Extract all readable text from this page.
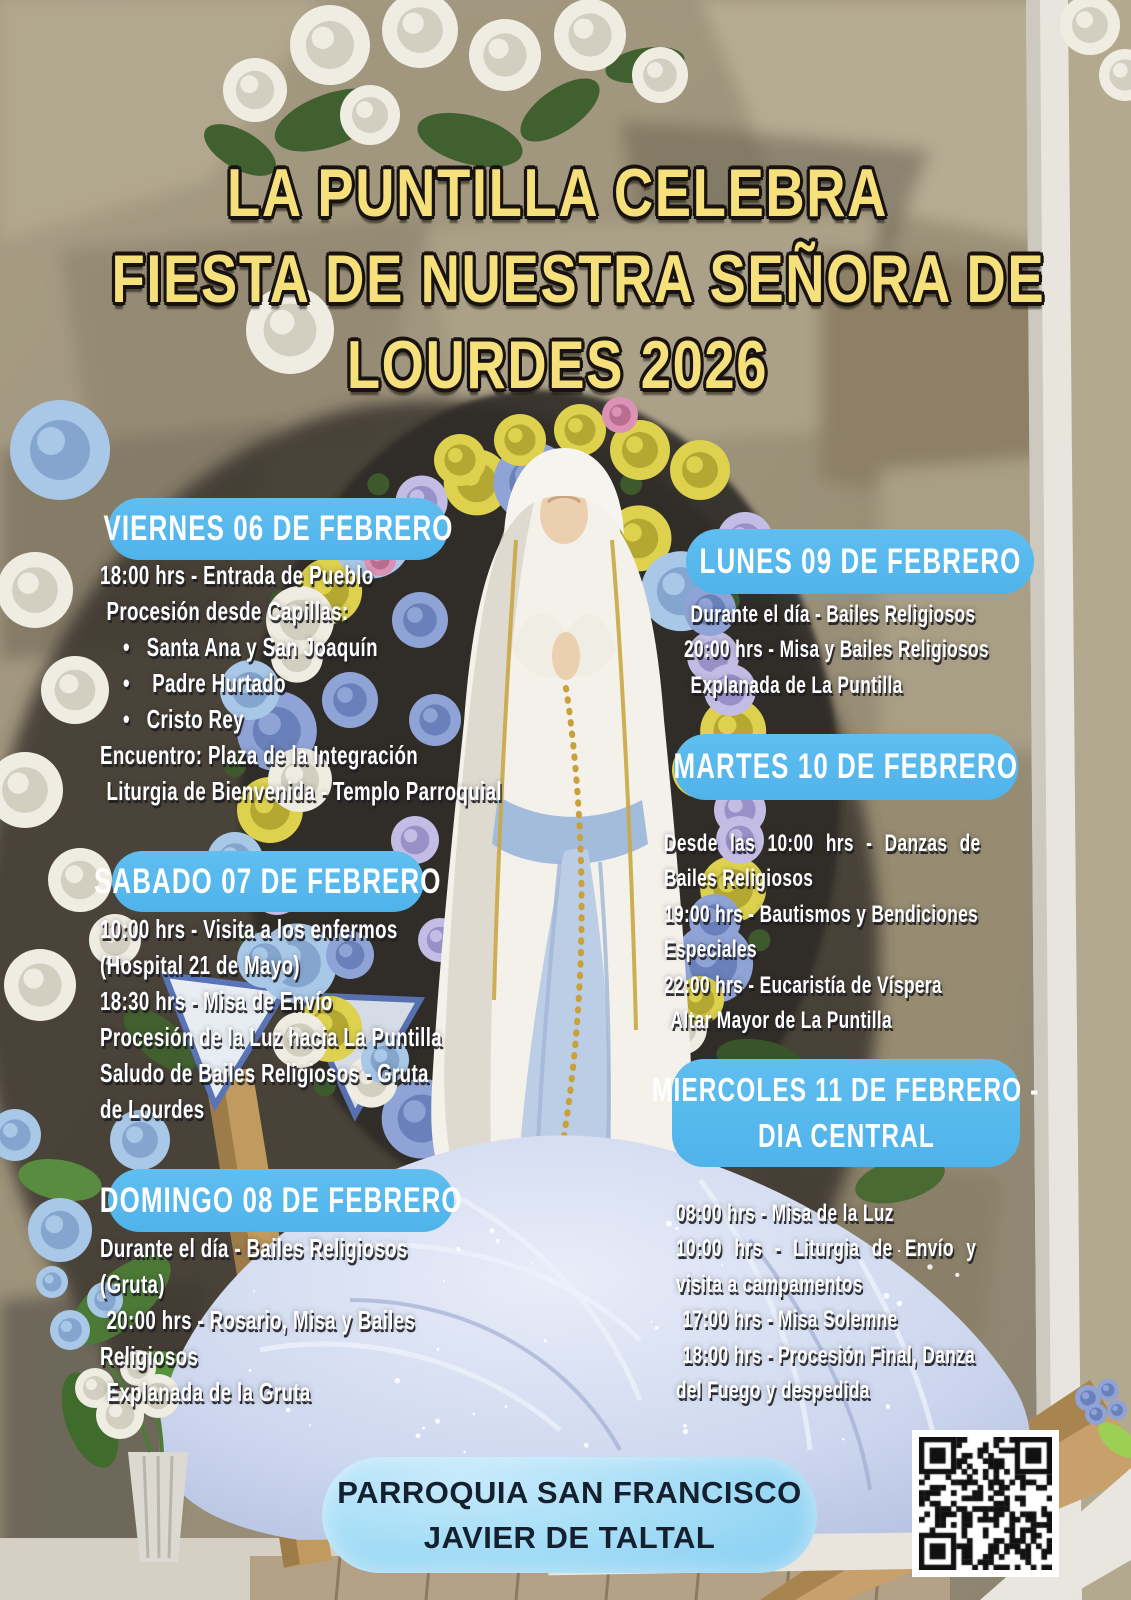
LA PUNTILLA CELEBRA
FIESTA DE NUESTRA SEÑORA DE
LOURDES 2026
VIERNES 06 DE FEBRERO
18:00 hrs - Entrada de Pueblo
Procesión desde Capillas:
•   Santa Ana y San Joaquín
•    Padre Hurtado
•   Cristo Rey
Encuentro: Plaza de la Integración
Liturgia de Bienvenida - Templo Parroquial
SABADO 07 DE FEBRERO
10:00 hrs - Visita a los enfermos
(Hospital 21 de Mayo)
18:30 hrs - Misa de Envío
Procesión de la Luz hacia La Puntilla
Saludo de Bailes Religiosos - Gruta
de Lourdes
DOMINGO 08 DE FEBRERO
Durante el día - Bailes Religiosos
(Gruta)
20:00 hrs - Rosario, Misa y Bailes
Religiosos
Explanada de la Gruta
LUNES 09 DE FEBRERO
Durante el día - Bailes Religiosos
20:00 hrs - Misa y Bailes Religiosos
Explanada de La Puntilla
MARTES 10 DE FEBRERO
Desde las 10:00 hrs - Danzas de
Bailes Religiosos
19:00 hrs - Bautismos y Bendiciones
Especiales
22:00 hrs - Eucaristía de Víspera
Altar Mayor de La Puntilla
MIERCOLES 11 DE FEBRERO -
DIA CENTRAL
08:00 hrs - Misa de la Luz
10:00 hrs - Liturgia de Envío y
visita a campamentos
17:00 hrs - Misa Solemne
18:00 hrs - Procesión Final, Danza
del Fuego y despedida
PARROQUIA SAN FRANCISCO
JAVIER DE TALTAL
